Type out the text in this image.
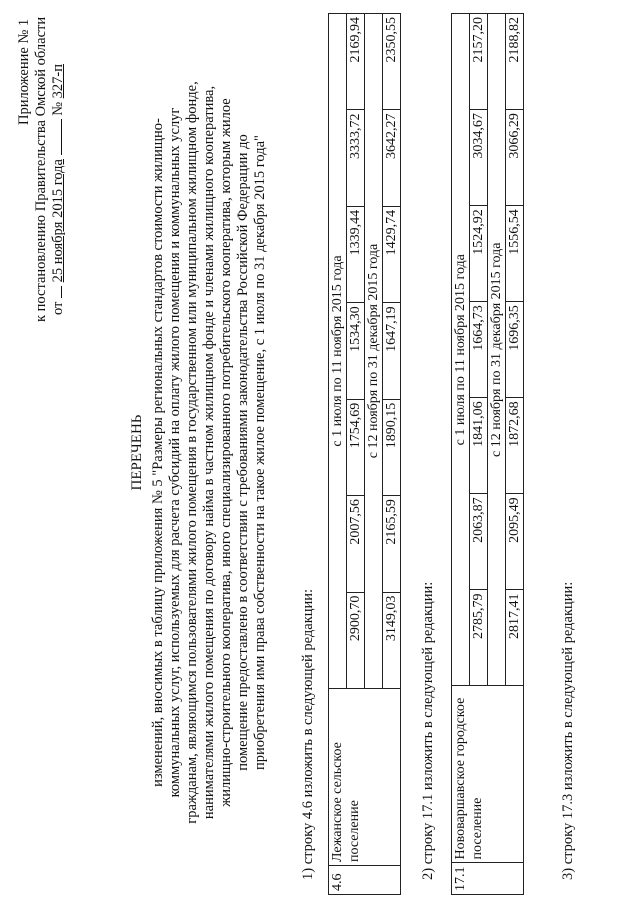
Приложение № 1 к постановлению Правительства Омской области от  25 ноября 2015 года  № 327-п
ПЕРЕЧЕНЬ изменений, вносимых в таблицу приложения № 5 "Размеры региональных стандартов стоимости жилищно- коммунальных услуг, используемых для расчета субсидий на оплату жилого помещения и коммунальных услуг гражданам, являющимся пользователями жилого помещения в государственном или муниципальном жилищном фонде, нанимателями жилого помещения по договору найма в частном жилищном фонде и членами жилищного кооператива, жилищно-строительного кооператива, иного специализированного потребительского кооператива, которым жилое помещение предоставлено в соответствии с требованиями законодательства Российской Федерации до приобретения ими права собственности на такое жилое помещение, с 1 июля по 31 декабря 2015 года" 1) строку 4.6 изложить в следующей редакции:
4.6	Лежанское сельское поселение	с 1 июля по 11 ноября 2015 года						
		2900,70	2007,56	1754,69	1534,30	1339,44	3333,72	2169,94
		с 12 ноября по 31 декабря 2015 года						
		3149,03	2165,59	1890,15	1647,19	1429,74	3642,27	2350,55
2) строку 17.1 изложить в следующей редакции: 17.1	Нововаршавское городское поселение	с 1 июля по 11 ноября 2015 года						
		2785,79	2063,87	1841,06	1664,73	1524,92	3034,67	2157,20
		с 12 ноября по 31 декабря 2015 года						
		2817,41	2095,49	1872,68	1696,35	1556,54	3066,29	2188,82
3) строку 17.3 изложить в следующей редакции:
